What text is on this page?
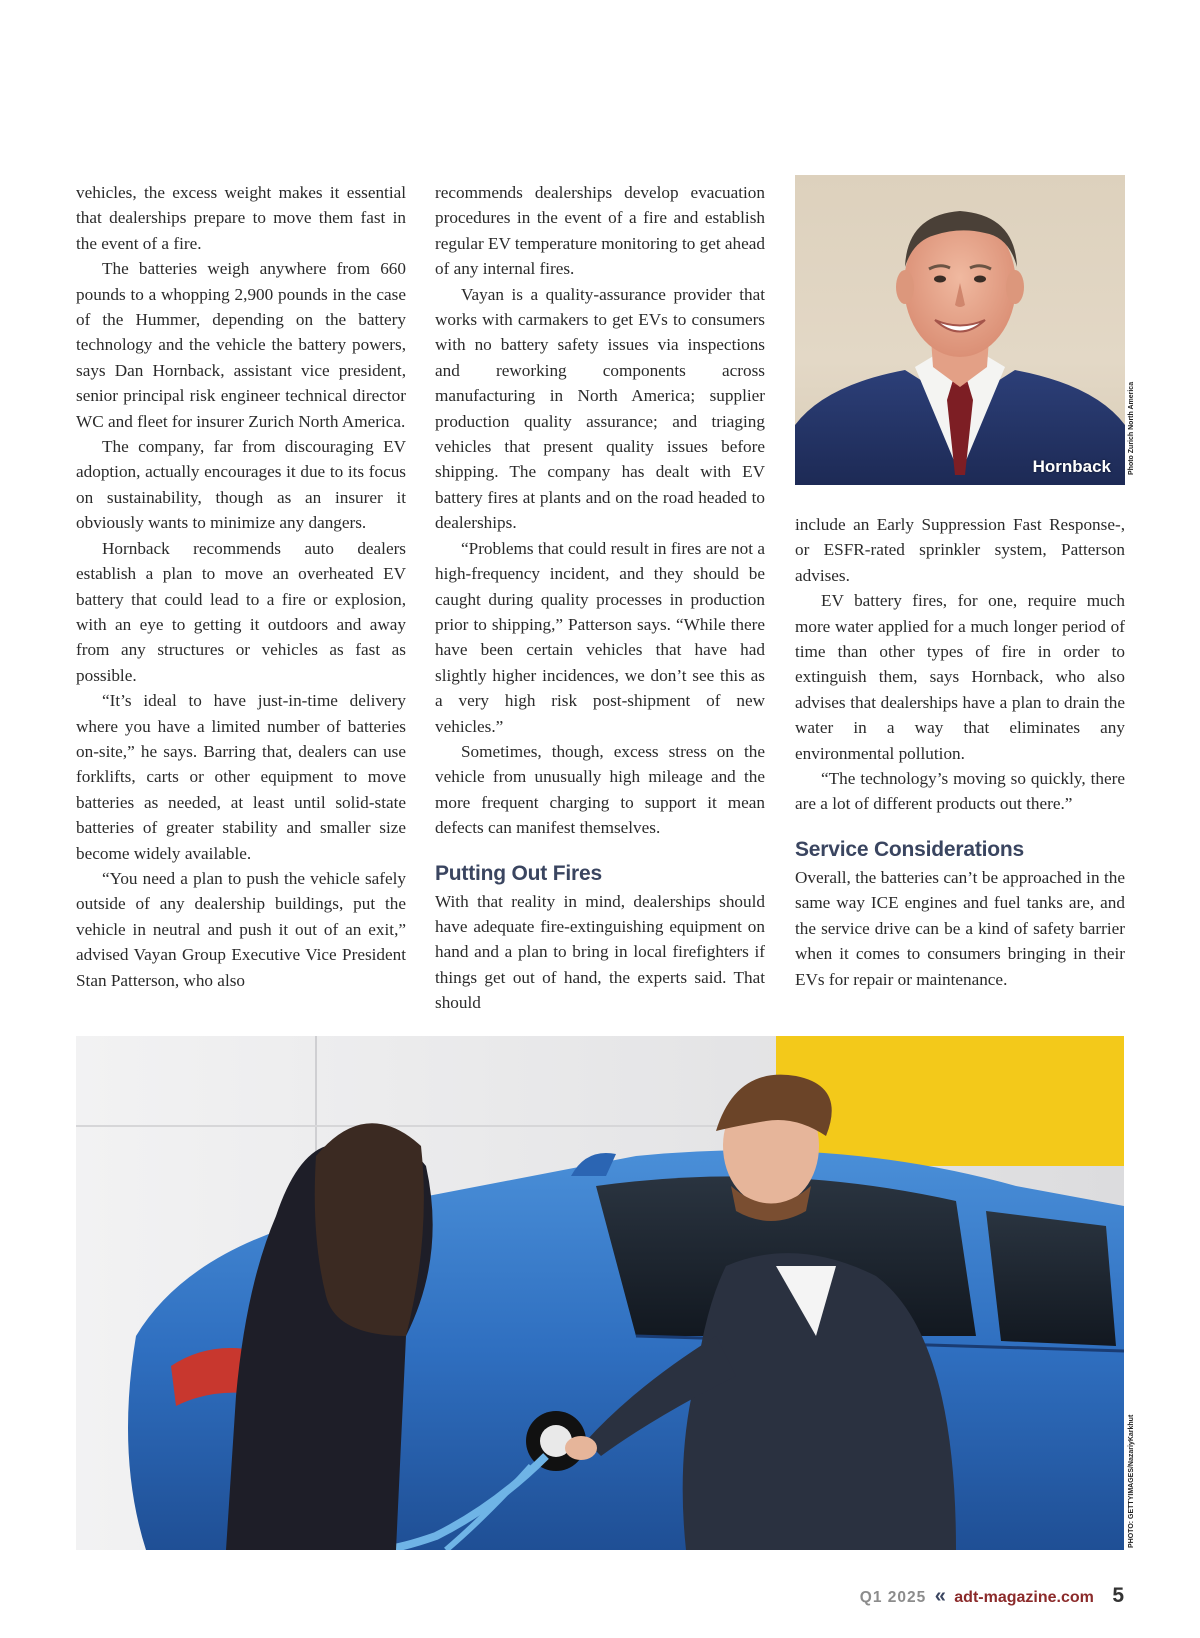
vehicles, the excess weight makes it essential that dealerships prepare to move them fast in the event of a fire.

The batteries weigh anywhere from 660 pounds to a whopping 2,900 pounds in the case of the Hummer, depending on the battery technology and the vehicle the battery powers, says Dan Hornback, assistant vice president, senior principal risk engineer technical director WC and fleet for insurer Zurich North America.

The company, far from discouraging EV adoption, actually encourages it due to its focus on sustainability, though as an insurer it obviously wants to minimize any dangers.

Hornback recommends auto dealers establish a plan to move an overheated EV battery that could lead to a fire or explosion, with an eye to getting it outdoors and away from any structures or vehicles as fast as possible.

“It’s ideal to have just-in-time delivery where you have a limited number of batteries on-site,” he says. Barring that, dealers can use forklifts, carts or other equipment to move batteries as needed, at least until solid-state batteries of greater stability and smaller size become widely available.

“You need a plan to push the vehicle safely outside of any dealership buildings, put the vehicle in neutral and push it out of an exit,” advised Vayan Group Executive Vice President Stan Patterson, who also

recommends dealerships develop evacuation procedures in the event of a fire and establish regular EV temperature monitoring to get ahead of any internal fires.

Vayan is a quality-assurance provider that works with carmakers to get EVs to consumers with no battery safety issues via inspections and reworking components across manufacturing in North America; supplier production quality assurance; and triaging vehicles that present quality issues before shipping. The company has dealt with EV battery fires at plants and on the road headed to dealerships.

“Problems that could result in fires are not a high-frequency incident, and they should be caught during quality processes in production prior to shipping,” Patterson says. “While there have been certain vehicles that have had slightly higher incidences, we don’t see this as a very high risk post-shipment of new vehicles.”

Sometimes, though, excess stress on the vehicle from unusually high mileage and the more frequent charging to support it mean defects can manifest themselves.

Putting Out Fires

With that reality in mind, dealerships should have adequate fire-extinguishing equipment on hand and a plan to bring in local firefighters if things get out of hand, the experts said. That should

Hornback Photo Zurich North America

include an Early Suppression Fast Response-, or ESFR-rated sprinkler system, Patterson advises.

EV battery fires, for one, require much more water applied for a much longer period of time than other types of fire in order to extinguish them, says Hornback, who also advises that dealerships have a plan to drain the water in a way that eliminates any environmental pollution.

“The technology’s moving so quickly, there are a lot of different products out there.”

Service Considerations

Overall, the batteries can’t be approached in the same way ICE engines and fuel tanks are, and the service drive can be a kind of safety barrier when it comes to consumers bringing in their EVs for repair or maintenance.

PHOTO: GETTYIMAGES/NazariyKarkhut
Q1 2025 « adt-magazine.com 5
